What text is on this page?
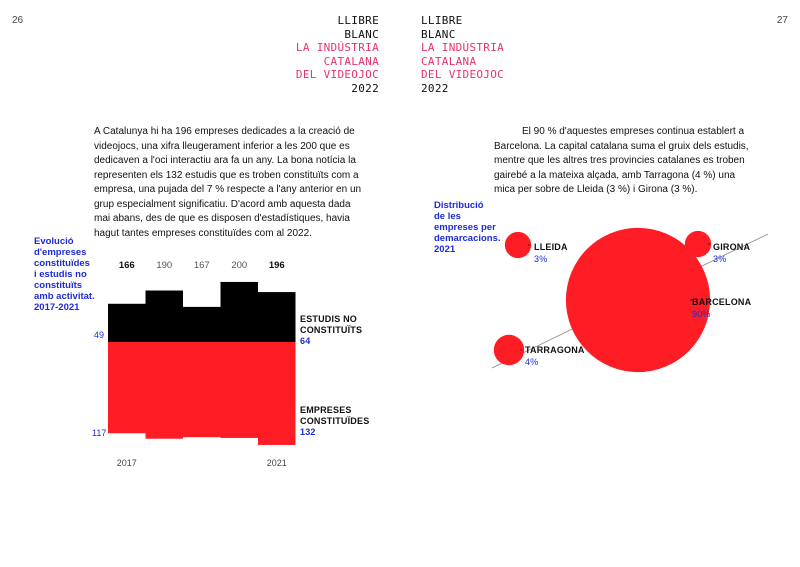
26	27
LLIBRE
BLANC
LA INDÚSTRIA
CATALANA
DEL VIDEOJOC
2022
LLIBRE
BLANC
LA INDÚSTRIA
CATALANA
DEL VIDEOJOC
2022
A Catalunya hi ha 196 empreses dedicades a la creació de videojocs, una xifra lleugerament inferior a les 200 que es dedicaven a l'oci interactiu ara fa un any. La bona notícia la representen els 132 estudis que es troben constituïts com a empresa, una pujada del 7 % respecte a l'any anterior en un grup especialment significatiu. D'acord amb aquesta dada mai abans, des de que es disposen d'estadístiques, havia hagut tantes empreses constituïdes com al 2022.
El 90 % d'aquestes empreses continua establert a Barcelona. La capital catalana suma el gruix dels estudis, mentre que les altres tres provincies catalanes es troben gairebé a la mateixa alçada, amb Tarragona (4 %) una mica per sobre de Lleida (3 %) i Girona (3 %).
Evolució
d'empreses
constituïdes
i estudis no
constituïts
amb activitat.
2017-2021
166
2017
190 167 200 196
2021
49
117
ESTUDIS NO
CONSTITUÏTS
64
EMPRESES
CONSTITUÏDES
132
Distribució
de les
empreses per
demarcacions.
2021	LLEIDA
3%
GIRONA
3%
BARCELONA
90%
TARRAGONA
4%
